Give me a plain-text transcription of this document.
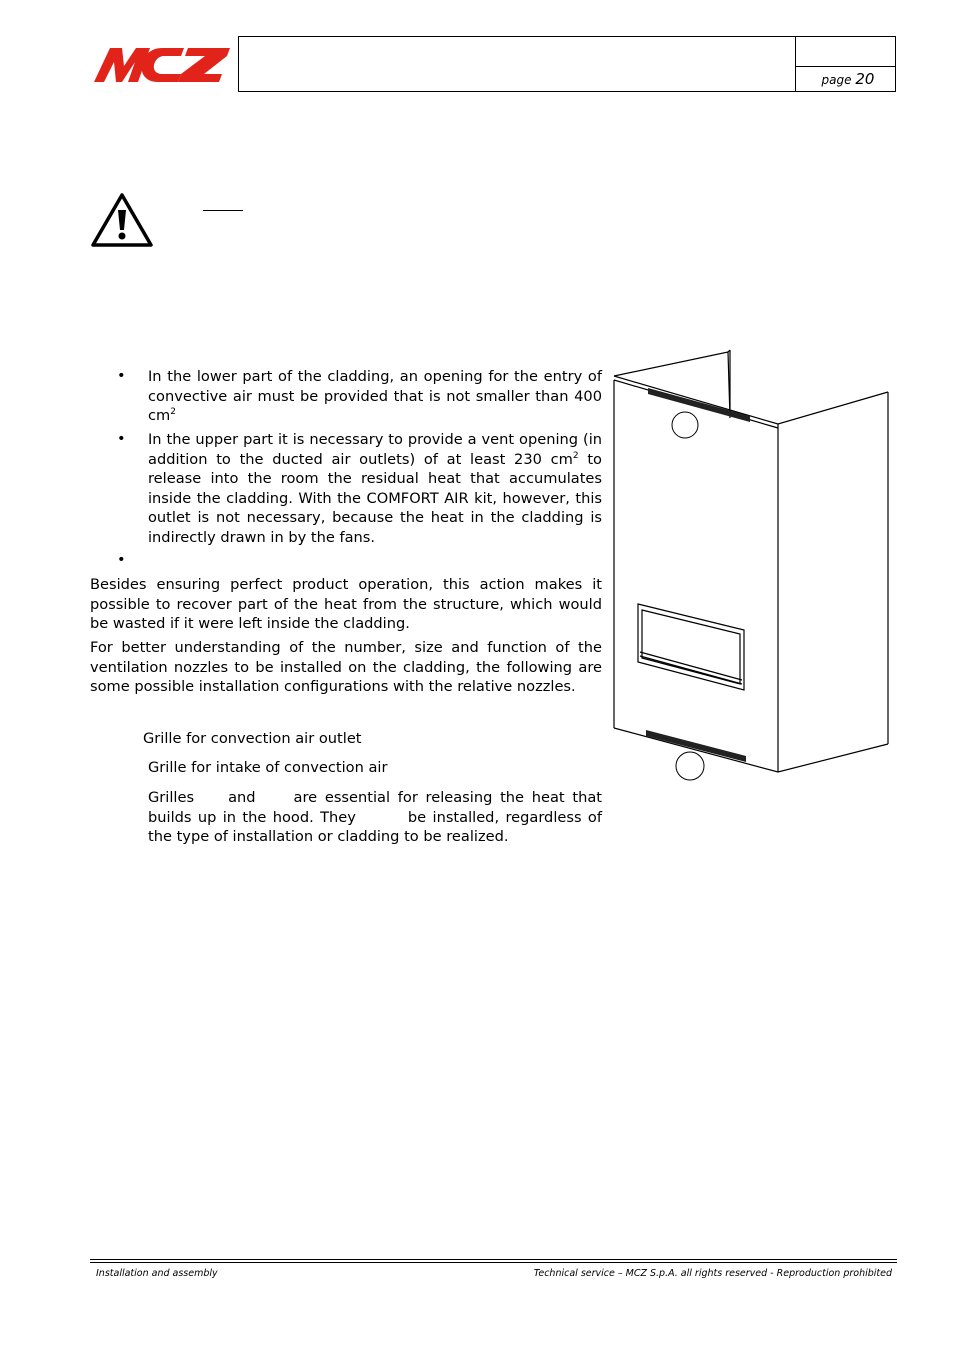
page 20
• In the lower part of the cladding, an opening for the entry of convective air must be provided that is not smaller than 400 $cm^2$
• In the upper part it is necessary to provide a vent opening (in addition to the ducted air outlets) of at least 230 $cm^2$ to release into the room the residual heat that accumulates inside the cladding. With the COMFORT AIR kit, however, this outlet is not necessary, because the heat in the cladding is indirectly drawn in by the fans.
•
Besides ensuring perfect product operation, this action makes it possible to recover part of the heat from the structure, which would be wasted if it were left inside the cladding.
For better understanding of the number, size and function of the ventilation nozzles to be installed on the cladding, the following are some possible installation configurations with the relative nozzles.
Grille for convection air outlet
Grille for intake of convection air
Grilles and	are essential for releasing the heat that builds up in the hood. They	be installed, regardless of the type of installation or cladding to be realized.
Installation and assembly	Technical service – MCZ S.p.A. all rights reserved - Reproduction prohibited
